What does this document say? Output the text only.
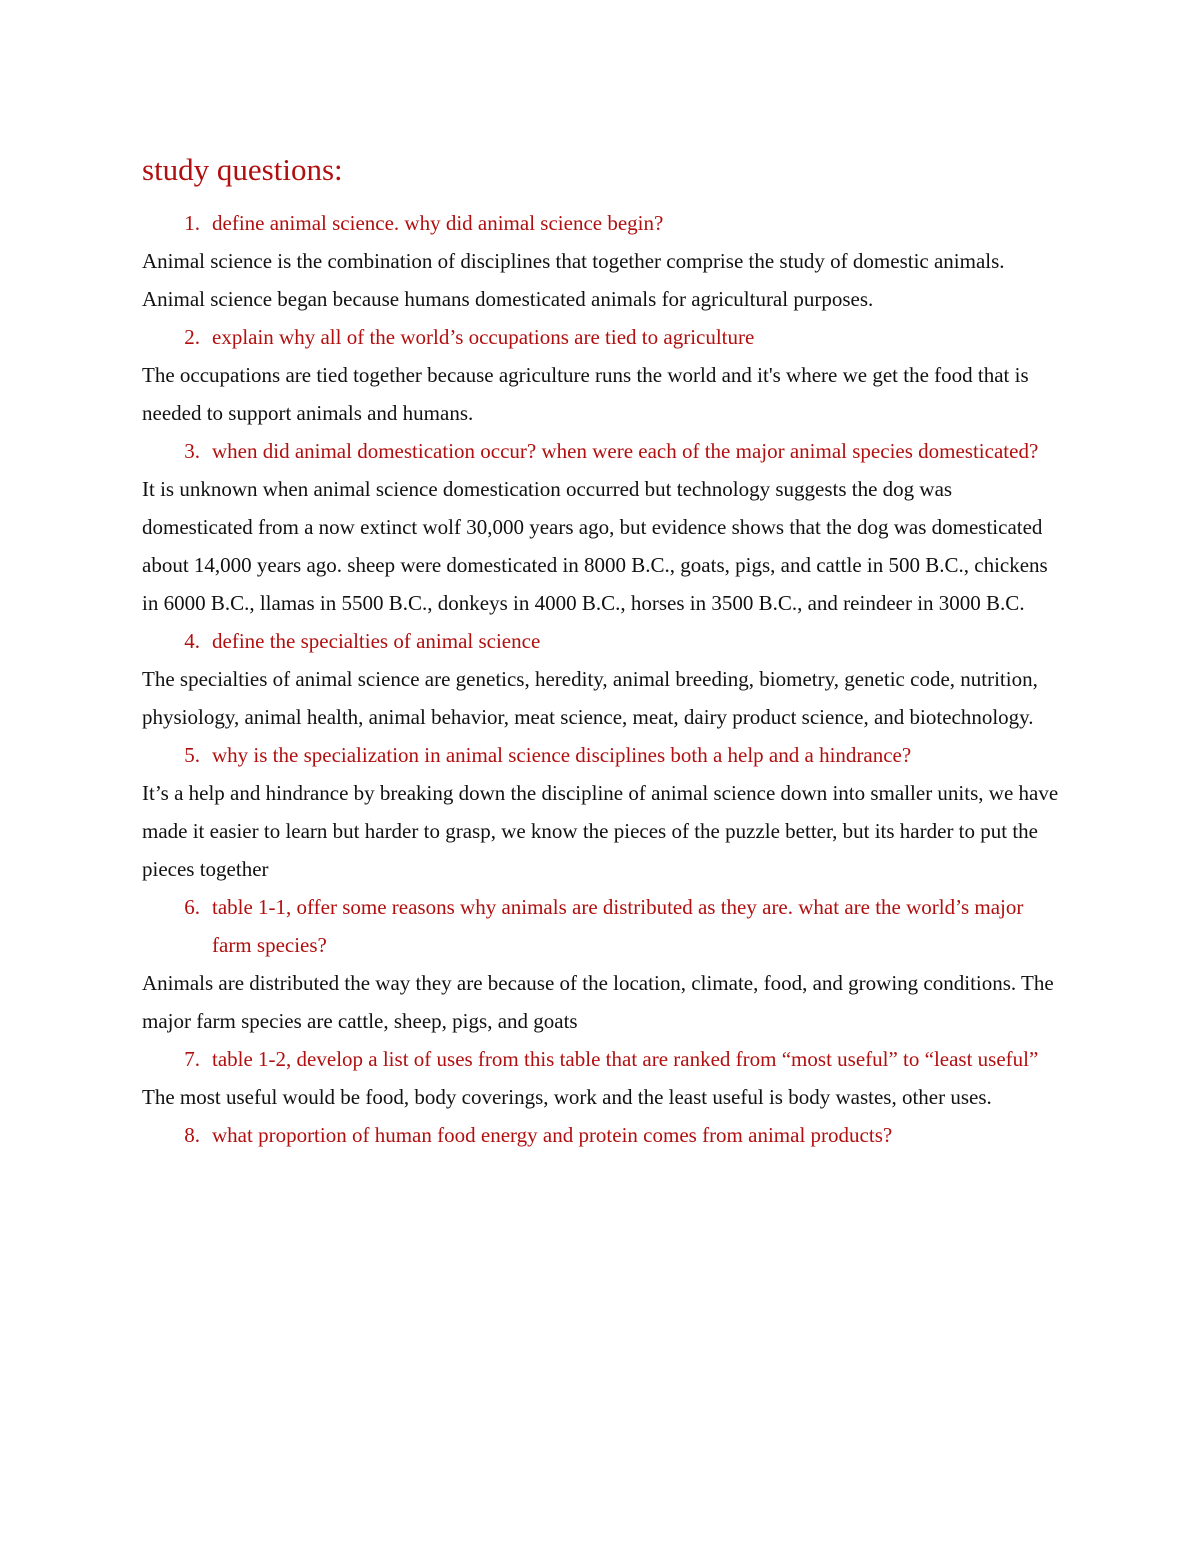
study questions:
1. define animal science. why did animal science begin?
Animal science is the combination of disciplines that together comprise the study of domestic animals. Animal science began because humans domesticated animals for agricultural purposes.
2. explain why all of the world’s occupations are tied to agriculture
The occupations are tied together because agriculture runs the world and it's where we get the food that is needed to support animals and humans.
3. when did animal domestication occur? when were each of the major animal species domesticated?
It is unknown when animal science domestication occurred but technology suggests the dog was domesticated from a now extinct wolf 30,000 years ago, but evidence shows that the dog was domesticated about 14,000 years ago. sheep were domesticated in 8000 B.C., goats, pigs, and cattle in 500 B.C., chickens in 6000 B.C., llamas in 5500 B.C., donkeys in 4000 B.C., horses in 3500 B.C., and reindeer in 3000 B.C.
4. define the specialties of animal science
The specialties of animal science are genetics, heredity, animal breeding, biometry, genetic code, nutrition, physiology, animal health, animal behavior, meat science, meat, dairy product science, and biotechnology.
5. why is the specialization in animal science disciplines both a help and a hindrance?
It’s a help and hindrance by breaking down the discipline of animal science down into smaller units, we have made it easier to learn but harder to grasp, we know the pieces of the puzzle better, but its harder to put the pieces together
6. table 1-1, offer some reasons why animals are distributed as they are. what are the world’s major farm species?
Animals are distributed the way they are because of the location, climate, food, and growing conditions. The major farm species are cattle, sheep, pigs, and goats
7. table 1-2, develop a list of uses from this table that are ranked from “most useful” to “least useful”
The most useful would be food, body coverings, work and the least useful is body wastes, other uses.
8. what proportion of human food energy and protein comes from animal products?
